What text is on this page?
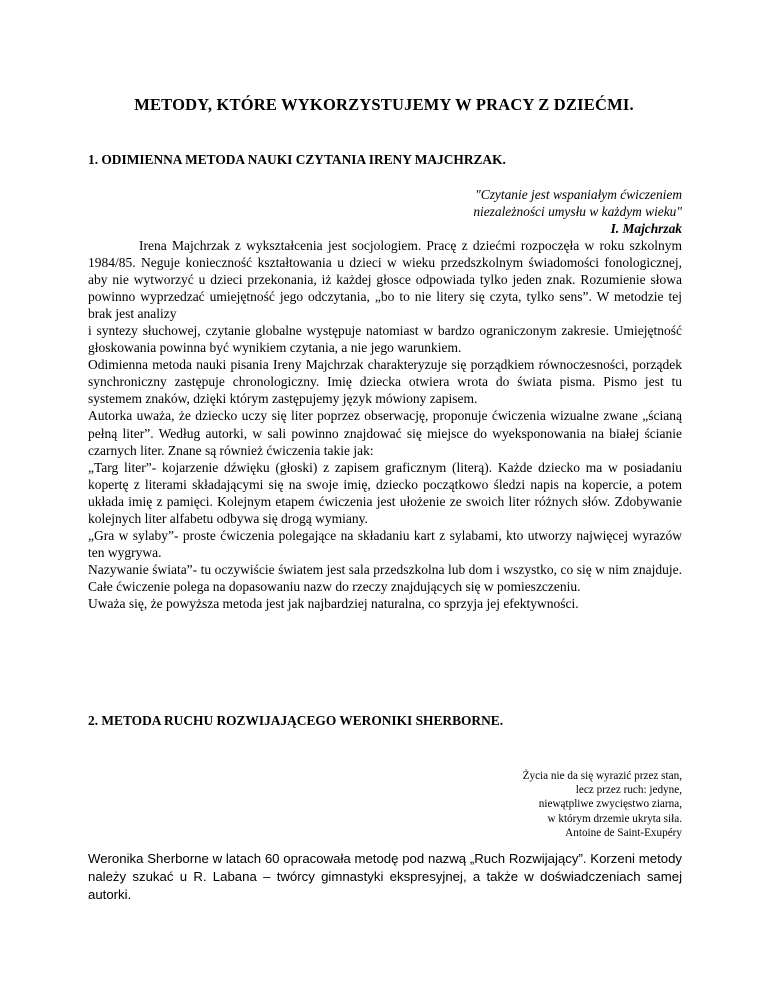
METODY, KTÓRE WYKORZYSTUJEMY W PRACY Z DZIEĆMI.
1. ODIMIENNA METODA NAUKI CZYTANIA IRENY MAJCHRZAK.
"Czytanie jest wspaniałym ćwiczeniem
niezależności umysłu w każdym wieku"
I. Majchrzak

Irena Majchrzak z wykształcenia jest socjologiem. Pracę z dziećmi rozpoczęła w roku szkolnym 1984/85. Neguje konieczność kształtowania u dzieci w wieku przedszkolnym świadomości fonologicznej, aby nie wytworzyć u dzieci przekonania, iż każdej głosce odpowiada tylko jeden znak. Rozumienie słowa powinno wyprzedzać umiejętność jego odczytania, „bo to nie litery się czyta, tylko sens”. W metodzie tej brak jest analizy

i syntezy słuchowej, czytanie globalne występuje natomiast w bardzo ograniczonym zakresie. Umiejętność głoskowania powinna być wynikiem czytania, a nie jego warunkiem.

Odimienna metoda nauki pisania Ireny Majchrzak charakteryzuje się porządkiem równoczesności, porządek synchroniczny zastępuje chronologiczny. Imię dziecka otwiera wrota do świata pisma. Pismo jest tu systemem znaków, dzięki którym zastępujemy język mówiony zapisem.

Autorka uważa, że dziecko uczy się liter poprzez obserwację, proponuje ćwiczenia wizualne zwane „ścianą pełną liter”. Według autorki, w sali powinno znajdować się miejsce do wyeksponowania na białej ścianie czarnych liter. Znane są również ćwiczenia takie jak:

„Targ liter”- kojarzenie dźwięku (głoski) z zapisem graficznym (literą). Każde dziecko ma w posiadaniu kopertę z literami składającymi się na swoje imię, dziecko początkowo śledzi napis na kopercie, a potem układa imię z pamięci. Kolejnym etapem ćwiczenia jest ułożenie ze swoich liter różnych słów. Zdobywanie kolejnych liter alfabetu odbywa się drogą wymiany.

„Gra w sylaby”- proste ćwiczenia polegające na składaniu kart z sylabami, kto utworzy najwięcej wyrazów ten wygrywa.

Nazywanie świata”- tu oczywiście światem jest sala przedszkolna lub dom i wszystko, co się w nim znajduje. Całe ćwiczenie polega na dopasowaniu nazw do rzeczy znajdujących się w pomieszczeniu.

Uważa się, że powyższa metoda jest jak najbardziej naturalna, co sprzyja jej efektywności.

2. METODA RUCHU ROZWIJAJĄCEGO WERONIKI SHERBORNE.
Życia nie da się wyrazić przez stan,
lecz przez ruch: jedyne,
niewątpliwe zwycięstwo ziarna,
w którym drzemie ukryta siła.
Antoine de Saint-Exupéry

Weronika Sherborne w latach 60 opracowała metodę pod nazwą „Ruch Rozwijający”. Korzeni metody należy szukać u R. Labana – twórcy gimnastyki ekspresyjnej, a także w doświadczeniach samej autorki.
